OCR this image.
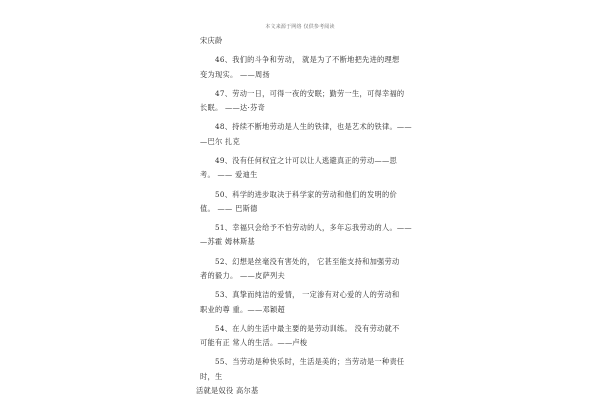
本文来源于网络 仅供参考阅读
宋庆龄
　　46、我们的斗争和劳动， 就是为了不断地把先进的理想
变为现实。 ——周扬
　　47、劳动一日，可得一夜的安眠；勤劳一生，可得幸福的
长眠。 ——达·芬奇
　　48、持续不断地劳动是人生的铁律，也是艺术的铁律。——
—巴尔 扎克
　　49、没有任何权宜之计可以让人逃避真正的劳动——思
考。 —— 爱迪生
　　50、科学的进步取决于科学家的劳动和他们的发明的价
值。 —— 巴斯德
　　51、幸福只会给予不怕劳动的人，多年忘我劳动的人。——
—苏霍 姆林斯基
　　52、幻想是丝毫没有害处的， 它甚至能支持和加强劳动
者的毅力。 ——皮萨列夫
　　53、真挚而纯洁的爱情， 一定渗有对心爱的人的劳动和
职业的尊 重。——邓颖超
　　54、在人的生活中最主要的是劳动训练。 没有劳动就不
可能有正 常人的生活。——卢梭
　　55、当劳动是种快乐时，生活是美的；当劳动是一种责任
时，生
活就是奴役 高尔基
